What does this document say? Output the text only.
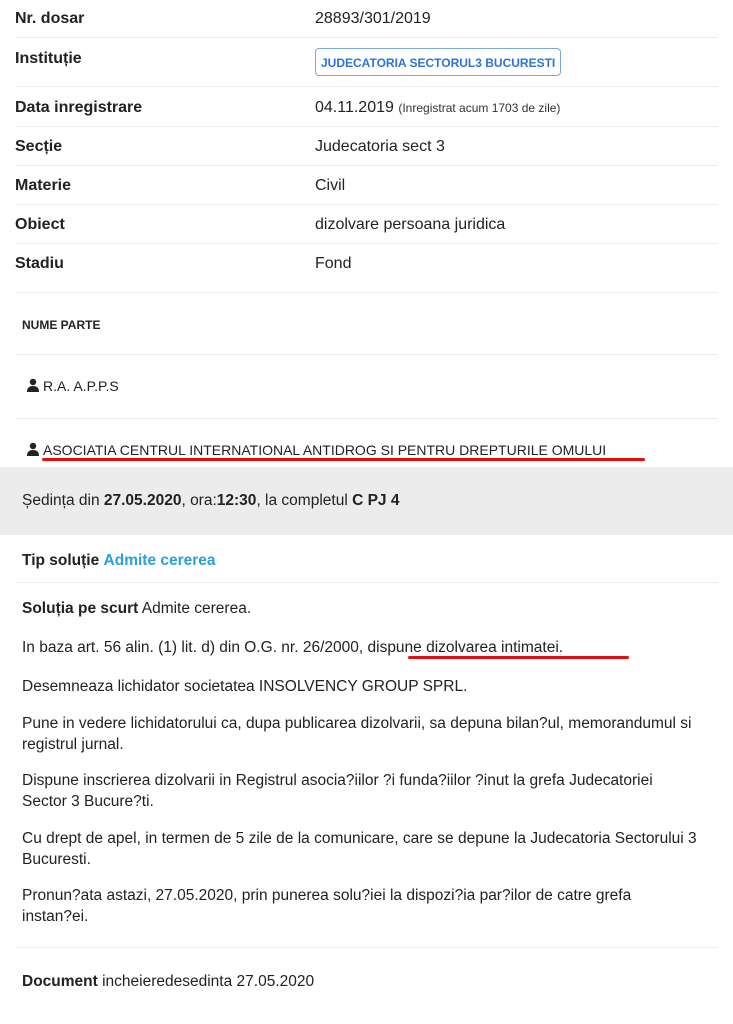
Nr. dosar	28893/301/2019
Instituție	JUDECATORIA SECTORUL3 BUCURESTI
Data inregistrare	04.11.2019 (Inregistrat acum 1703 de zile)
Secție	Judecatoria sect 3
Materie	Civil
Obiect	dizolvare persoana juridica
Stadiu	Fond
NUME PARTE
R.A. A.P.P.S
ASOCIATIA CENTRUL INTERNATIONAL ANTIDROG SI PENTRU DREPTURILE OMULUI
Ședința din 27.05.2020, ora:12:30, la completul C PJ 4
Tip soluție Admite cererea
Soluția pe scurt Admite cererea.
In baza art. 56 alin. (1) lit. d) din O.G. nr. 26/2000, dispune dizolvarea intimatei.
Desemneaza lichidator societatea INSOLVENCY GROUP SPRL.
Pune in vedere lichidatorului ca, dupa publicarea dizolvarii, sa depuna bilan?ul, memorandumul si registrul jurnal.
Dispune inscrierea dizolvarii in Registrul asocia?iilor ?i funda?iilor ?inut la grefa Judecatoriei Sector 3 Bucure?ti.
Cu drept de apel, in termen de 5 zile de la comunicare, care se depune la Judecatoria Sectorului 3 Bucuresti.
Pronun?ata astazi, 27.05.2020, prin punerea solu?iei la dispozi?ia par?ilor de catre grefa instan?ei.
Document incheieredesedinta 27.05.2020
